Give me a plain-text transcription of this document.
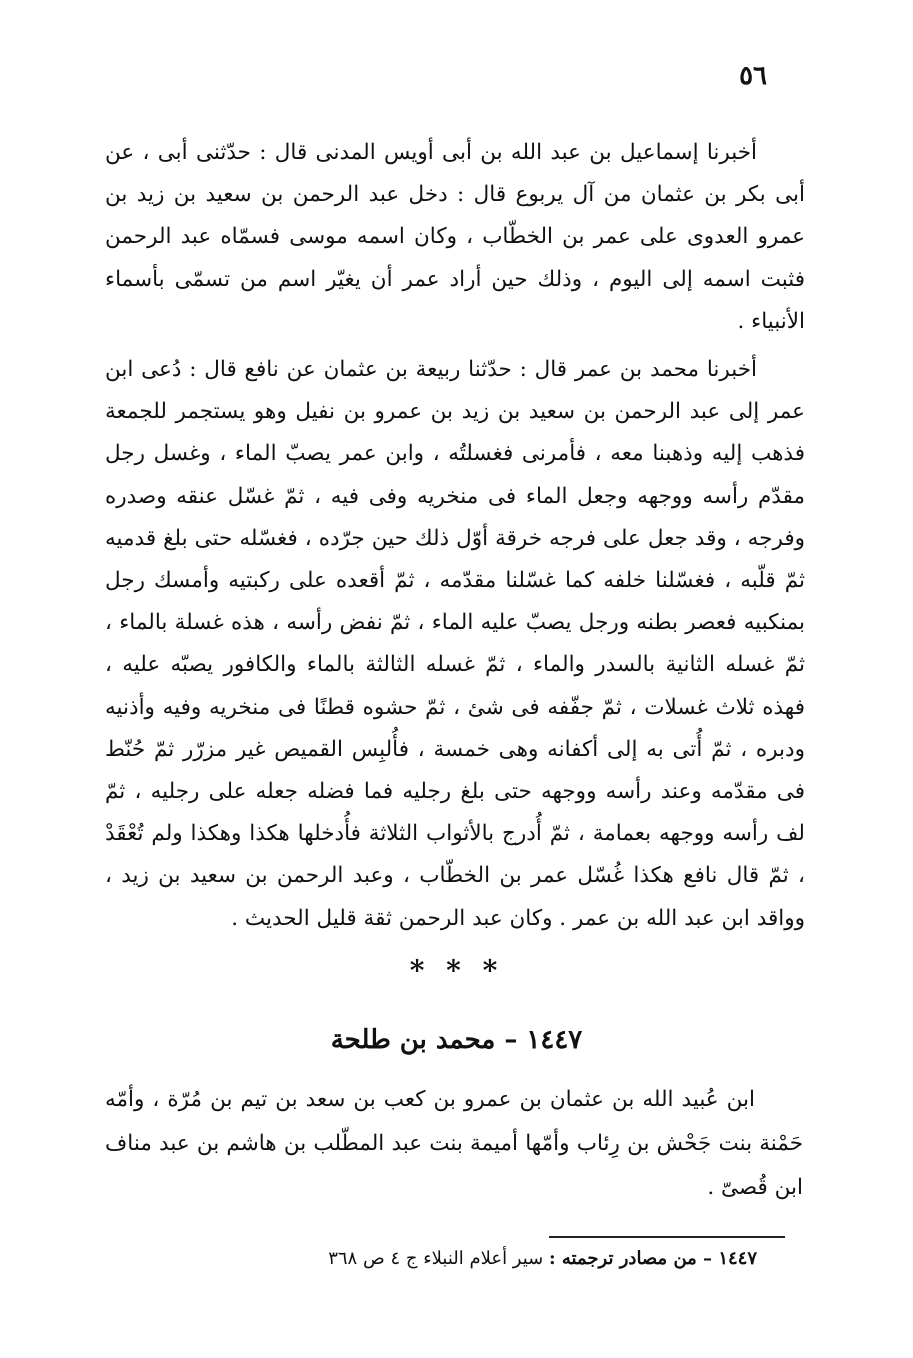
٥٦

أخبرنا إسماعيل بن عبد الله بن أبى أويس المدنى قال : حدّثنى أبى ، عن أبى بكر بن عثمان من آل يربوع قال : دخل عبد الرحمن بن سعيد بن زيد بن عمرو العدوى على عمر بن الخطّاب ، وكان اسمه موسى فسمّاه عبد الرحمن فثبت اسمه إلى اليوم ، وذلك حين أراد عمر أن يغيّر اسم من تسمّى بأسماء الأنبياء .

أخبرنا محمد بن عمر قال : حدّثنا ربيعة بن عثمان عن نافع قال : دُعى ابن عمر إلى عبد الرحمن بن سعيد بن زيد بن عمرو بن نفيل وهو يستجمر للجمعة فذهب إليه وذهبنا معه ، فأمرنى فغسلتُه ، وابن عمر يصبّ الماء ، وغسل رجل مقدّم رأسه ووجهه وجعل الماء فى منخريه وفى فيه ، ثمّ غسّل عنقه وصدره وفرجه ، وقد جعل على فرجه خرقة أوّل ذلك حين جرّده ، فغسّله حتى بلغ قدميه ثمّ قلّبه ، فغسّلنا خلفه كما غسّلنا مقدّمه ، ثمّ أقعده على ركبتيه وأمسك رجل بمنكبيه فعصر بطنه ورجل يصبّ عليه الماء ، ثمّ نفض رأسه ، هذه غسلة بالماء ، ثمّ غسله الثانية بالسدر والماء ، ثمّ غسله الثالثة بالماء والكافور يصبّه عليه ، فهذه ثلاث غسلات ، ثمّ جفّفه فى شئ ، ثمّ حشوه قطنًا فى منخريه وفيه وأذنيه ودبره ، ثمّ أُتى به إلى أكفانه وهى خمسة ، فأُلبِس القميص غير مزرّر ثمّ حُنّط فى مقدّمه وعند رأسه ووجهه حتى بلغ رجليه فما فضله جعله على رجليه ، ثمّ لف رأسه ووجهه بعمامة ، ثمّ أُدرج بالأثواب الثلاثة فأُدخلها هكذا وهكذا ولم تُعْقَدْ ، ثمّ قال نافع هكذا غُسّل عمر بن الخطّاب ، وعبد الرحمن بن سعيد بن زيد ، وواقد ابن عبد الله بن عمر . وكان عبد الرحمن ثقة قليل الحديث .

* * *
١٤٤٧ – محمد بن طلحة

ابن عُبيد الله بن عثمان بن عمرو بن كعب بن سعد بن تيم بن مُرّة ، وأمّه حَمْنة بنت جَحْش بن رِئاب وأمّها أميمة بنت عبد المطّلب بن هاشم بن عبد مناف ابن قُصىّ .

١٤٤٧ – من مصادر ترجمته : سير أعلام النبلاء ج ٤ ص ٣٦٨
